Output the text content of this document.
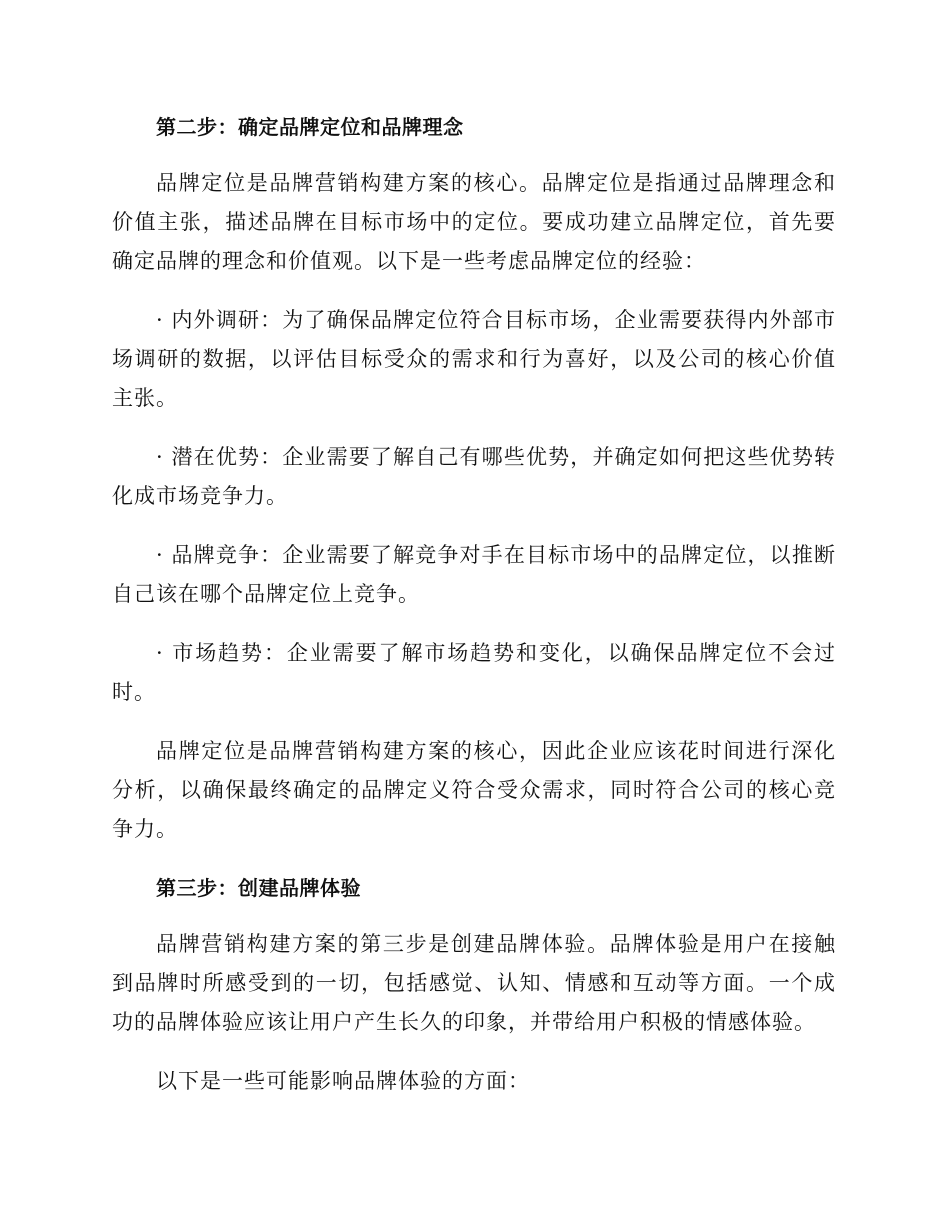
第二步：确定品牌定位和品牌理念

品牌定位是品牌营销构建方案的核心。品牌定位是指通过品牌理念和价值主张，描述品牌在目标市场中的定位。要成功建立品牌定位，首先要确定品牌的理念和价值观。以下是一些考虑品牌定位的经验：

· 内外调研：为了确保品牌定位符合目标市场，企业需要获得内外部市场调研的数据，以评估目标受众的需求和行为喜好，以及公司的核心价值主张。

· 潜在优势：企业需要了解自己有哪些优势，并确定如何把这些优势转化成市场竞争力。

· 品牌竞争：企业需要了解竞争对手在目标市场中的品牌定位，以推断自己该在哪个品牌定位上竞争。

· 市场趋势：企业需要了解市场趋势和变化，以确保品牌定位不会过时。

品牌定位是品牌营销构建方案的核心，因此企业应该花时间进行深化分析，以确保最终确定的品牌定义符合受众需求，同时符合公司的核心竞争力。

第三步：创建品牌体验

品牌营销构建方案的第三步是创建品牌体验。品牌体验是用户在接触到品牌时所感受到的一切，包括感觉、认知、情感和互动等方面。一个成功的品牌体验应该让用户产生长久的印象，并带给用户积极的情感体验。

以下是一些可能影响品牌体验的方面：
